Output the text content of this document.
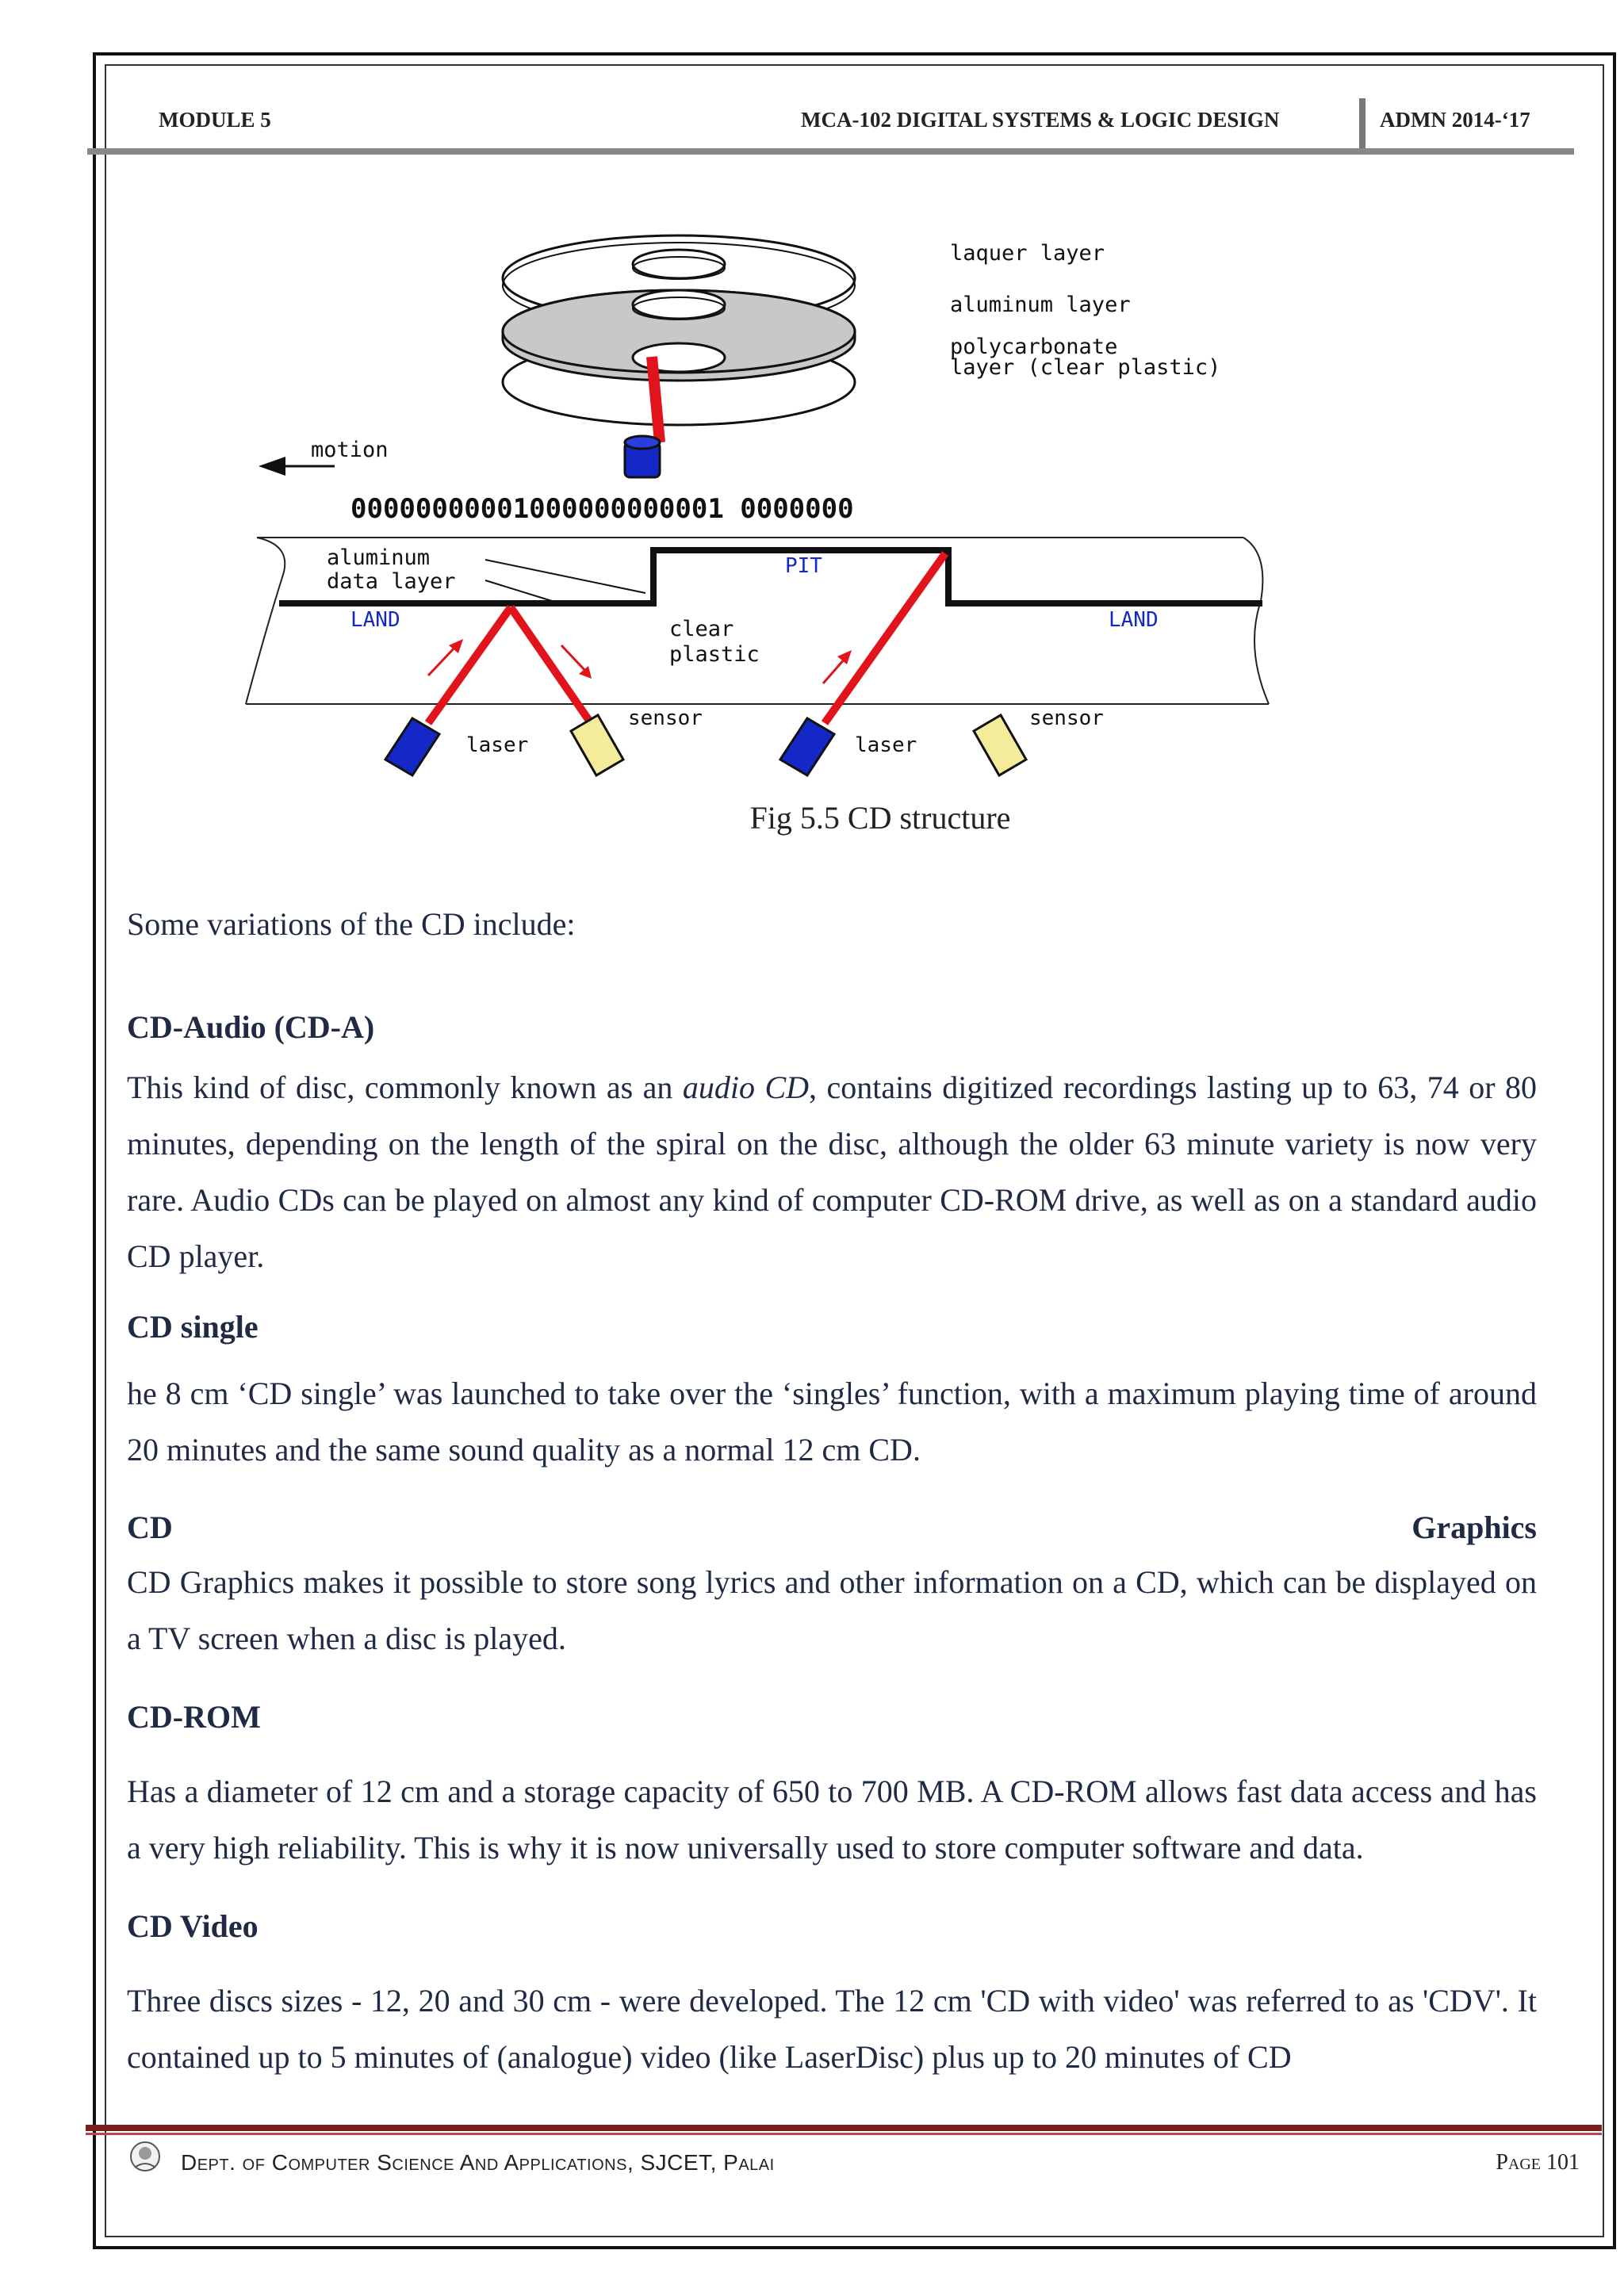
MODULE 5	MCA-102 DIGITAL SYSTEMS & LOGIC DESIGN	ADMN 2014-‘17
laquer layer
aluminum layer
polycarbonate
layer (clear plastic)
motion
00000000001000000000001 0000000
aluminum
data layer
PIT
LAND	LAND
clear
plastic
laser
sensor
laser
sensor
Fig 5.5 CD structure
Some variations of the CD include:
CD-Audio (CD-A)
This kind of disc, commonly known as an audio CD, contains digitized recordings lasting up to 63, 74 or 80 minutes, depending on the length of the spiral on the disc, although the older 63 minute variety is now very rare. Audio CDs can be played on almost any kind of computer CD-ROM drive, as well as on a standard audio CD player.
CD single
he 8 cm ‘CD single’ was launched to take over the ‘singles’ function, with a maximum playing time of around 20 minutes and the same sound quality as a normal 12 cm CD.
CD	Graphics
CD Graphics makes it possible to store song lyrics and other information on a CD, which can be displayed on a TV screen when a disc is played.
CD-ROM
Has a diameter of 12 cm and a storage capacity of 650 to 700 MB. A CD-ROM allows fast data access and has a very high reliability. This is why it is now universally used to store computer software and data.
CD Video
Three discs sizes - 12, 20 and 30 cm - were developed. The 12 cm 'CD with video' was referred to as 'CDV'. It contained up to 5 minutes of (analogue) video (like LaserDisc) plus up to 20 minutes of CD
Dept. of Computer Science And Applications, SJCET, Palai	Page 101
